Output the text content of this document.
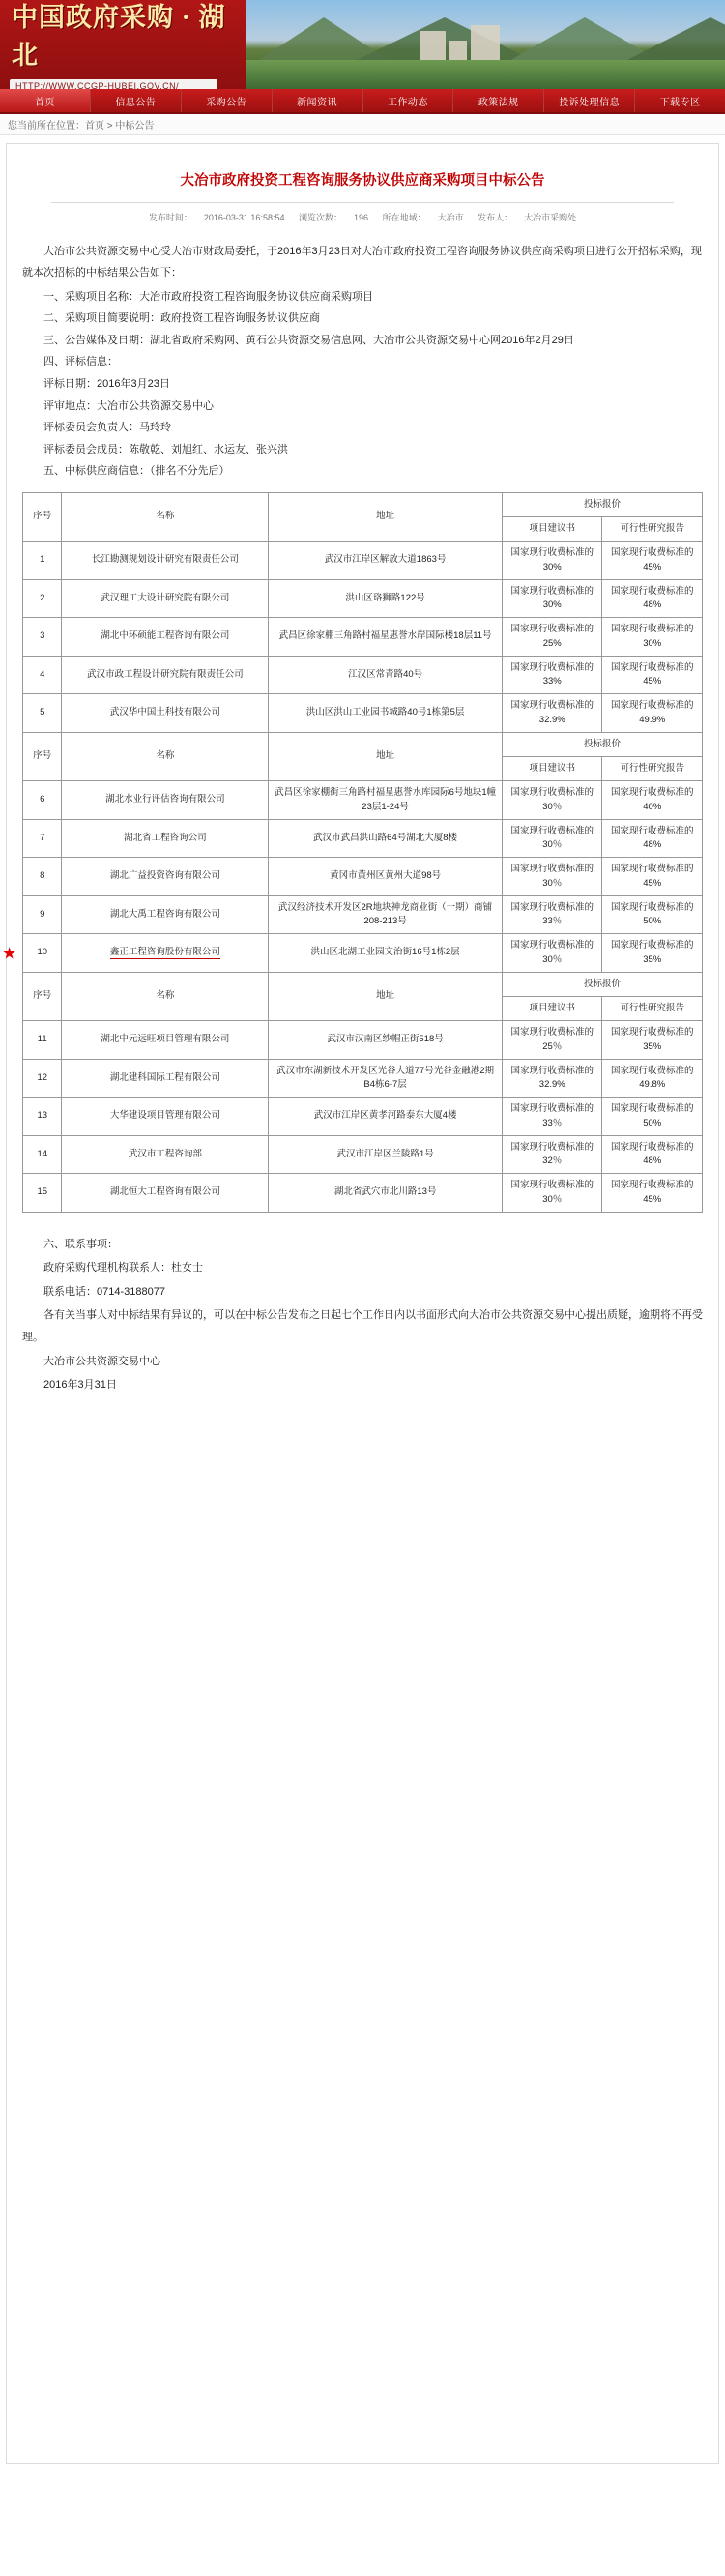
中国政府采购 · 湖北
HTTP://WWW.CCGP-HUBEI.GOV.CN/
首页	信息公告	采购公告	新闻资讯	工作动态	政策法规	投诉处理信息	下载专区
您当前所在位置：首页 > 中标公告
大冶市政府投资工程咨询服务协议供应商采购项目中标公告
发布时间： 2016-03-31 16:58:54 浏览次数： 196 所在地域： 大冶市 发布人： 大冶市采购处

大冶市公共资源交易中心受大冶市财政局委托，于2016年3月23日对大冶市政府投资工程咨询服务协议供应商采购项目进行公开招标采购，现就本次招标的中标结果公告如下：

一、采购项目名称：大冶市政府投资工程咨询服务协议供应商采购项目

二、采购项目简要说明：政府投资工程咨询服务协议供应商

三、公告媒体及日期：湖北省政府采购网、黄石公共资源交易信息网、大冶市公共资源交易中心网2016年2月29日

四、评标信息：

评标日期：2016年3月23日

评审地点：大冶市公共资源交易中心

评标委员会负责人：马玲玲

评标委员会成员：陈敬乾、刘旭红、水运友、张兴洪

五、中标供应商信息：（排名不分先后）

序号	名称	地址	投标报价	
			项目建议书	可行性研究报告
1	长江勘测规划设计研究有限责任公司	武汉市江岸区解放大道1863号	国家现行收费标准的30%	国家现行收费标准的45%
2	武汉理工大设计研究院有限公司	洪山区珞狮路122号	国家现行收费标准的30%	国家现行收费标准的48%
3	湖北中环硕能工程咨询有限公司	武昌区徐家棚三角路村福星惠誉水岸国际楼18层11号	国家现行收费标准的25%	国家现行收费标准的30%
4	武汉市政工程设计研究院有限责任公司	江汉区常青路40号	国家现行收费标准的33%	国家现行收费标准的45%
5	武汉华中国土科技有限公司	洪山区洪山工业园书城路40号1栋第5层	国家现行收费标准的32.9%	国家现行收费标准的49.9%
序号	名称	地址	投标报价	
			项目建议书	可行性研究报告
6	湖北水业行评估咨询有限公司	武昌区徐家棚街三角路村福星惠誉水库园际6号地块1幢23层1-24号	国家现行收费标准的30％	国家现行收费标准的40%
7	湖北省工程咨询公司	武汉市武昌洪山路64号湖北大厦8楼	国家现行收费标准的30％	国家现行收费标准的48%
8	湖北广益投资咨询有限公司	黄冈市黄州区黄州大道98号	国家现行收费标准的30％	国家现行收费标准的45%
9	湖北大禹工程咨询有限公司	武汉经济技术开发区2R地块神龙商业街（一期）商铺208-213号	国家现行收费标准的33％	国家现行收费标准的50%

★ 10	鑫正工程咨询股份有限公司	洪山区北湖工业园文治街16号1栋2层	国家现行收费标准的30％	国家现行收费标准的35%
序号	名称	地址	投标报价	
			项目建议书	可行性研究报告
11	湖北中元远旺项目管理有限公司	武汉市汉南区纱帽正街518号	国家现行收费标准的25％	国家现行收费标准的35%
12	湖北建科国际工程有限公司	武汉市东湖新技术开发区光谷大道77号光谷金融港2期B4栋6-7层	国家现行收费标准的32.9%	国家现行收费标准的49.8%
13	大华建设项目管理有限公司	武汉市江岸区黄孝河路泰东大厦4楼	国家现行收费标准的33％	国家现行收费标准的50%
14	武汉市工程咨询部	武汉市江岸区兰陵路1号	国家现行收费标准的32％	国家现行收费标准的48%
15	湖北恒大工程咨询有限公司	湖北省武穴市北川路13号	国家现行收费标准的30％	国家现行收费标准的45%

六、联系事项：

政府采购代理机构联系人：杜女士

联系电话：0714-3188077

各有关当事人对中标结果有异议的，可以在中标公告发布之日起七个工作日内以书面形式向大冶市公共资源交易中心提出质疑，逾期将不再受理。

大冶市公共资源交易中心

2016年3月31日
